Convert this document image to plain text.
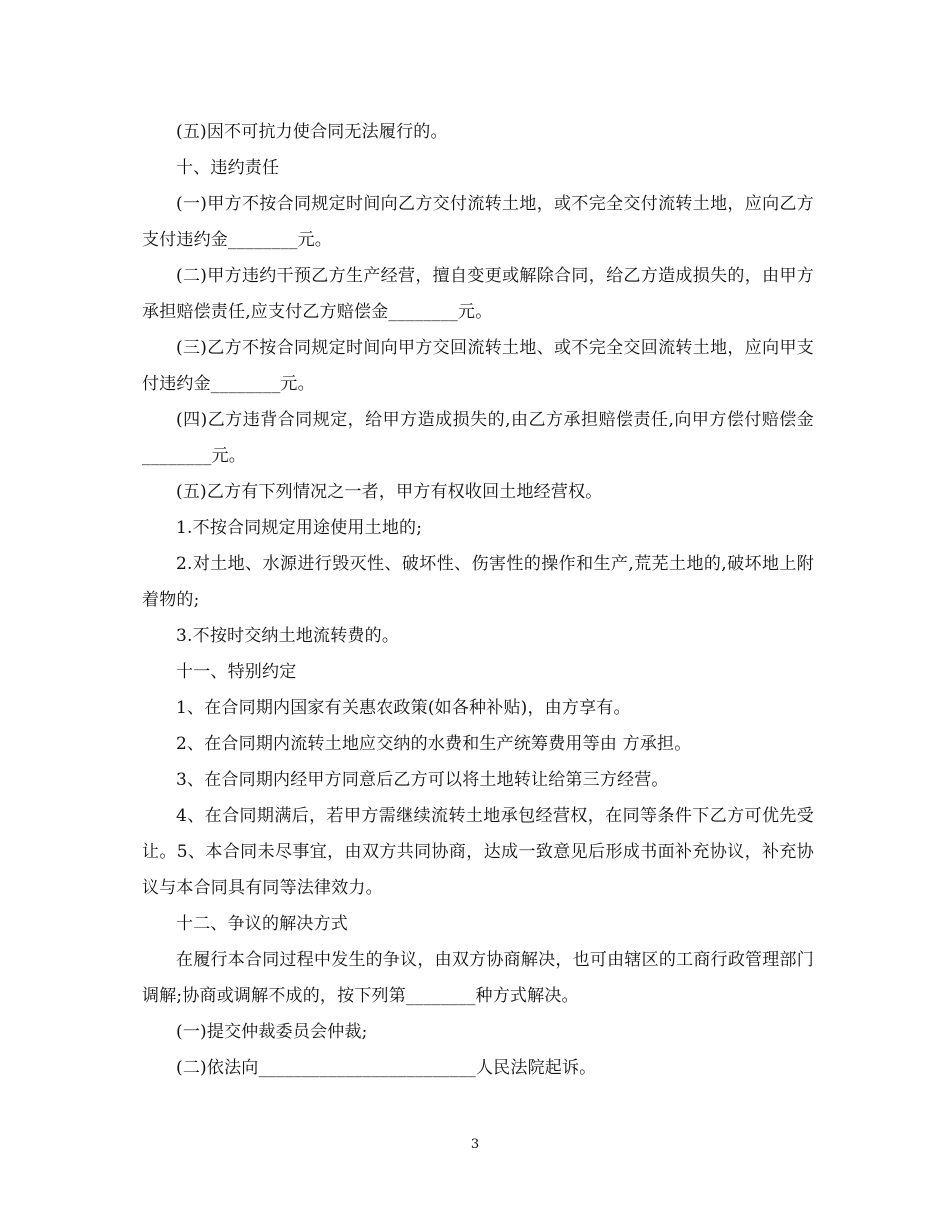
(五)因不可抗力使合同无法履行的。

十、违约责任

(一)甲方不按合同规定时间向乙方交付流转土地，或不完全交付流转土地，应向乙方支付违约金________元。

(二)甲方违约干预乙方生产经营，擅自变更或解除合同，给乙方造成损失的，由甲方承担赔偿责任,应支付乙方赔偿金________元。

(三)乙方不按合同规定时间向甲方交回流转土地、或不完全交回流转土地，应向甲支付违约金________元。

(四)乙方违背合同规定，给甲方造成损失的,由乙方承担赔偿责任,向甲方偿付赔偿金________元。

(五)乙方有下列情况之一者，甲方有权收回土地经营权。

1.不按合同规定用途使用土地的;

2.对土地、水源进行毁灭性、破坏性、伤害性的操作和生产,荒芜土地的,破坏地上附着物的;

3.不按时交纳土地流转费的。

十一、特别约定

1、在合同期内国家有关惠农政策(如各种补贴)，由方享有。

2、在合同期内流转土地应交纳的水费和生产统筹费用等由 方承担。

3、在合同期内经甲方同意后乙方可以将土地转让给第三方经营。

4、在合同期满后，若甲方需继续流转土地承包经营权，在同等条件下乙方可优先受让。5、本合同未尽事宜，由双方共同协商，达成一致意见后形成书面补充协议，补充协议与本合同具有同等法律效力。

十二、争议的解决方式

在履行本合同过程中发生的争议，由双方协商解决，也可由辖区的工商行政管理部门调解;协商或调解不成的，按下列第________种方式解决。

(一)提交仲裁委员会仲裁;

(二)依法向_________________________人民法院起诉。

3
